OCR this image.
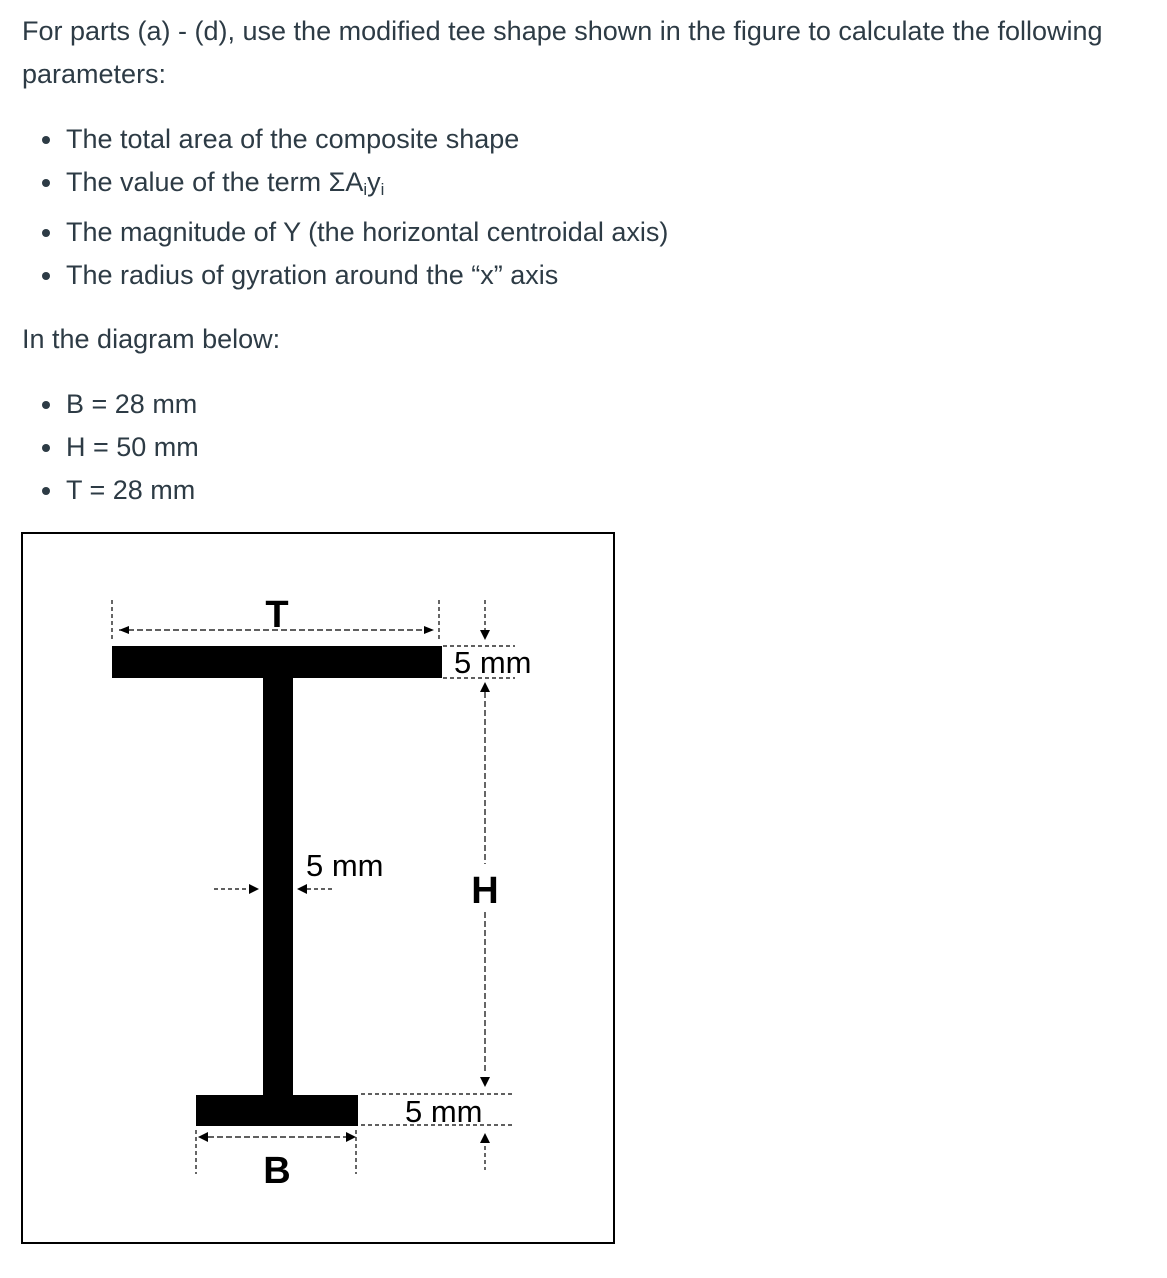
For parts (a) - (d), use the modified tee shape shown in the figure to calculate the following parameters:

The total area of the composite shape
The value of the term $\Sigma A_iy_i$
The magnitude of Y (the horizontal centroidal axis)
The radius of gyration around the “x” axis

In the diagram below:

B = 28 mm
H = 50 mm
T = 28 mm
T
5 mm
H
5 mm
5 mm
B
